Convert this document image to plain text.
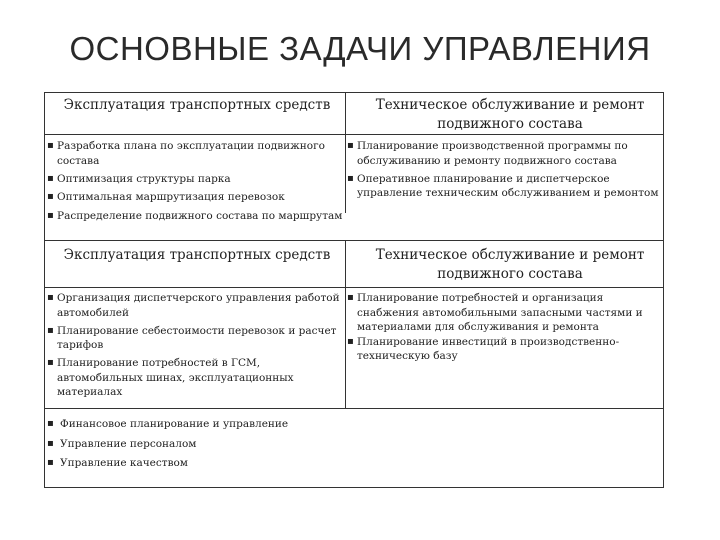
ОСНОВНЫЕ ЗАДАЧИ УПРАВЛЕНИЯ
Эксплуатация транспортных средств	Техническое обслуживание и ремонт подвижного состава
▪ Разработка плана по эксплуатации подвижного состава
▪ Оптимизация структуры парка
▪ Оптимальная маршрутизация перевозок
▪ Распределение подвижного состава по маршрутам
▪ Планирование производственной программы по обслуживанию и ремонту подвижного состава
▪ Оперативное планирование и диспетчерское управление техническим обслуживанием и ремонтом
Эксплуатация транспортных средств	Техническое обслуживание и ремонт подвижного состава
▪ Организация диспетчерского управления работой автомобилей
▪ Планирование себестоимости перевозок и расчет тарифов
▪ Планирование потребностей в ГСМ, автомобильных шинах, эксплуатационных материалах
▪ Планирование потребностей и организация снабжения автомобильными запасными частями и материалами для обслуживания и ремонта
▪ Планирование инвестиций в производственно-техническую базу
▪ Финансовое планирование и управление
▪ Управление персоналом
▪ Управление качеством
